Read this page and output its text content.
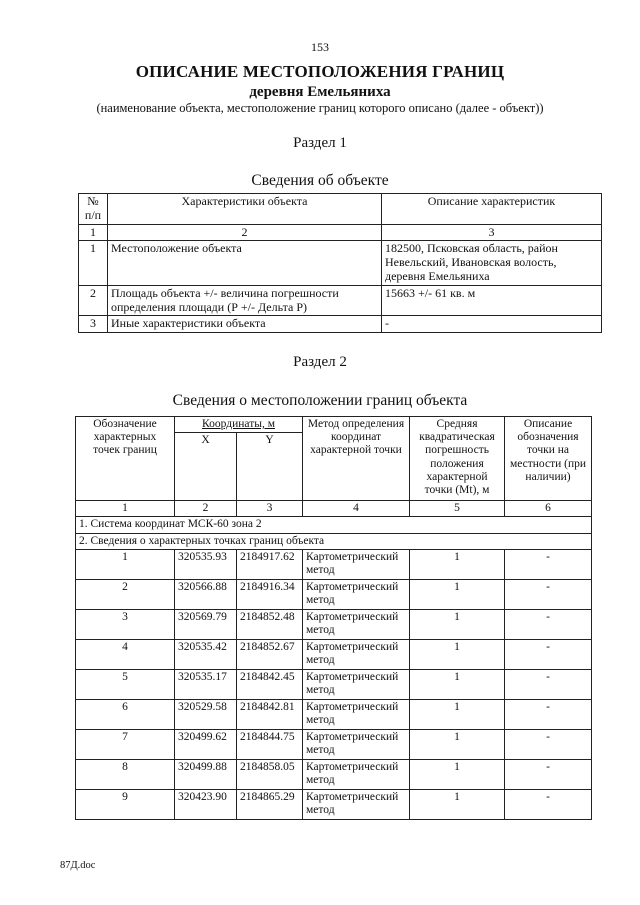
153
ОПИСАНИЕ МЕСТОПОЛОЖЕНИЯ ГРАНИЦ
деревня Емельяниха
(наименование объекта, местоположение границ которого описано (далее - объект))
Раздел 1
Сведения об объекте
№ п/п	Характеристики объекта	Описание характеристик
1	2	3
1	Местоположение объекта	182500, Псковская область, район Невельский, Ивановская волость, деревня Емельяниха
2	Площадь объекта +/- величина погрешности определения площади (Р +/- Дельта Р)	15663 +/- 61 кв. м
3	Иные характеристики объекта	-
Раздел 2
Сведения о местоположении границ объекта
Обозначение характерных точек границ	Координаты, м		Метод определения координат характерной точки	Средняя квадратическая погрешность положения характерной точки (Mt), м	Описание обозначения точки на местности (при наличии)
	X	Y			
1	2	3	4	5	6
1. Система координат МСК-60 зона 2					
2. Сведения о характерных точках границ объекта					
1	320535.93	2184917.62	Картометрический метод	1	-
2	320566.88	2184916.34	Картометрический метод	1	-
3	320569.79	2184852.48	Картометрический метод	1	-
4	320535.42	2184852.67	Картометрический метод	1	-
5	320535.17	2184842.45	Картометрический метод	1	-
6	320529.58	2184842.81	Картометрический метод	1	-
7	320499.62	2184844.75	Картометрический метод	1	-
8	320499.88	2184858.05	Картометрический метод	1	-
9	320423.90	2184865.29	Картометрический метод	1	-
87Д.doc
